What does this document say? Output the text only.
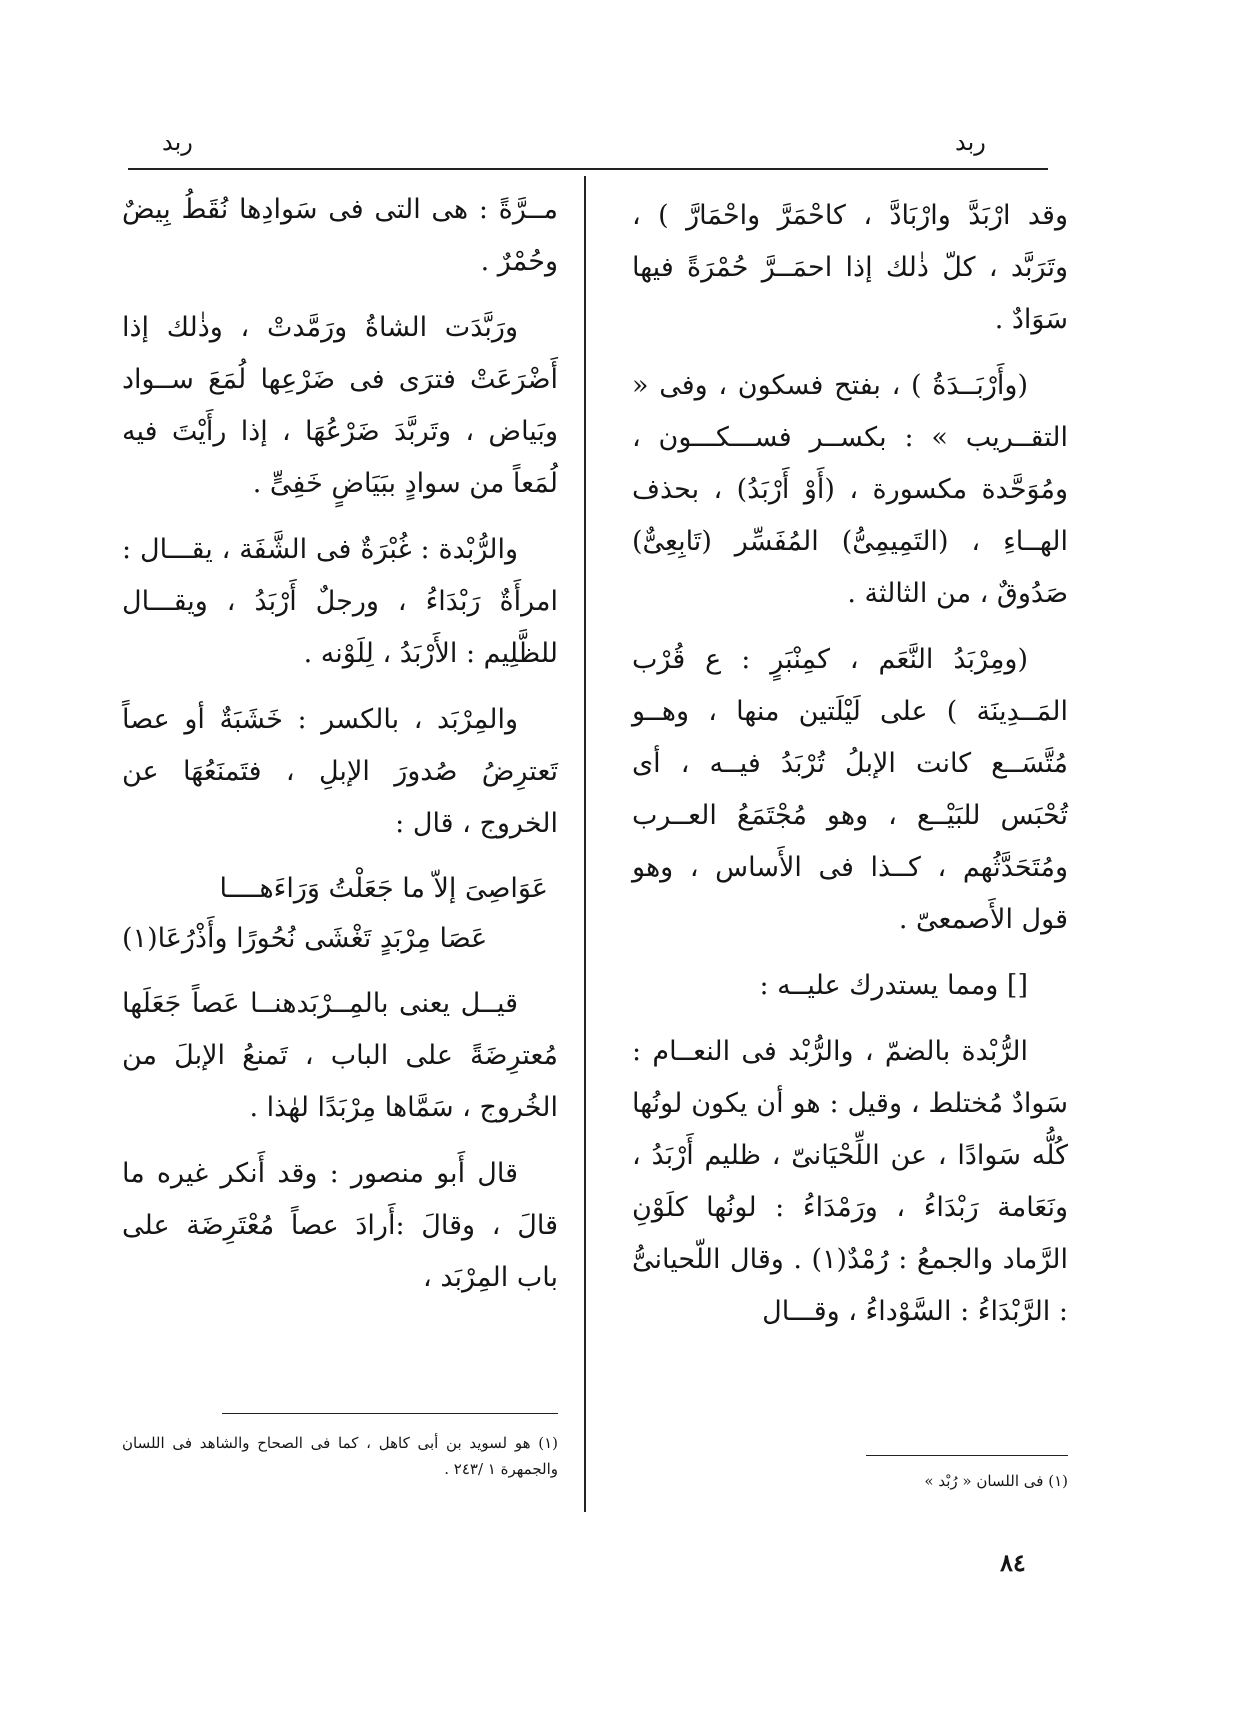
ربد
ربد

وقد ارْبَدَّ وارْبَادَّ ، كاحْمَرَّ واحْمَارَّ ) ، وتَرَبَّد ، كلّ ذٰلك إذا احمَــرَّ حُمْرَةً فيها سَوَادٌ .

(وأَرْبَــدَةُ ) ، بفتح فسكون ، وفى « التقــريب » : بكســر فســـكـــون ، ومُوَحَّدة مكسورة ، (أَوْ أَرْبَدُ) ، بحذف الهــاءِ ، (التَمِيمِىُّ) المُفَسِّر (تَابِعِىٌّ) صَدُوقٌ ، من الثالثة .

(ومِرْبَدُ النَّعَم ، كمِنْبَرٍ : ع قُرْب المَــدِينَة ) على لَيْلَتين منها ، وهــو مُتَّسَــع كانت الإبلُ تُرْبَدُ فيــه ، أى تُحْبَس للبَيْــع ، وهو مُجْتَمَعُ العــرب ومُتَحَدَّثُهم ، كــذا فى الأَساس ، وهو قول الأَصمعىّ .

[] ومما يستدرك عليــه :

الرُّبْدة بالضمّ ، والرُّبْد فى النعــام : سَوادٌ مُختلط ، وقيل : هو أن يكون لونُها كُلُّه سَوادًا ، عن اللِّحْيَانىّ ، ظليم أَرْبَدُ ، ونَعَامة رَبْدَاءُ ، ورَمْدَاءُ : لونُها كلَوْنِ الرَّماد والجمعُ : رُمْدٌ(١) . وقال اللّحيانىُّ : الرَّبْدَاءُ : السَّوْداءُ ، وقـــال

مــرَّةً : هى التى فى سَوادِها نُقَطُ بِيضٌ وحُمْرٌ .

ورَبَّدَت الشاةُ ورَمَّدتْ ، وذٰلك إذا أَضْرَعَتْ فترَى فى ضَرْعِها لُمَعَ ســواد وبَياض ، وتَربَّدَ ضَرْعُهَا ، إذا رأَيْتَ فيه لُمَعاً من سوادٍ ببَيَاضٍ خَفِىٍّ .

والرُّبْدة : غُبْرَةٌ فى الشَّفَة ، يقـــال : امرأَةٌ رَبْدَاءُ ، ورجلٌ أَرْبَدُ ، ويقـــال للظَّلِيم : الأَرْبَدُ ، لِلَوْنه .

والمِرْبَد ، بالكسر : خَشَبَةٌ أو عصاً تَعترِضُ صُدورَ الإبلِ ، فتَمنَعُهَا عن الخروج ، قال :

عَوَاصِىَ إلاّ ما جَعَلْتُ وَرَاءَهــــا
عَصَا مِرْبَدٍ تَغْشَى نُحُورًا وأَذْرُعَا(١)

قيــل يعنى بالمِــرْبَدهنــا عَصاً جَعَلَها مُعترِضَةً على الباب ، تَمنعُ الإبلَ من الخُروج ، سَمَّاها مِرْبَدًا لهٰذا .

قال أَبو منصور : وقد أَنكر غيره ما قالَ ، وقالَ :أَرادَ عصاً مُعْتَرِضَة على باب المِرْبَد ،

(١) فى اللسان « رُبْد »
(١) هو لسويد بن أبى كاهل ، كما فى الصحاح والشاهد فى اللسان والجمهرة ١ /٢٤٣ .
٨٤
